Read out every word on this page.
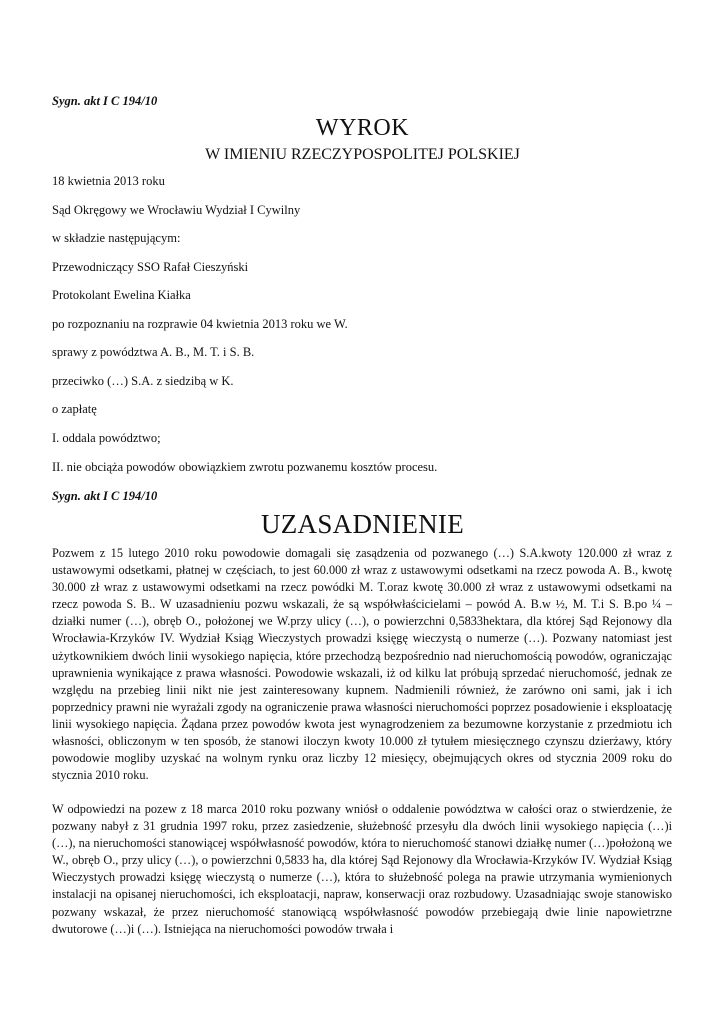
Sygn. akt I C 194/10
WYROK
W IMIENIU RZECZYPOSPOLITEJ POLSKIEJ
18 kwietnia 2013 roku
Sąd Okręgowy we Wrocławiu Wydział I Cywilny
w składzie następującym:
Przewodniczący SSO Rafał Cieszyński
Protokolant Ewelina Kiałka
po rozpoznaniu na rozprawie 04 kwietnia 2013 roku we W.
sprawy z powództwa A. B., M. T. i S. B.
przeciwko (…) S.A. z siedzibą w K.
o zapłatę
I. oddala powództwo;
II. nie obciąża powodów obowiązkiem zwrotu pozwanemu kosztów procesu.
Sygn. akt I C 194/10
UZASADNIENIE
Pozwem z 15 lutego 2010 roku powodowie domagali się zasądzenia od pozwanego (…) S.A.kwoty 120.000 zł wraz z ustawowymi odsetkami, płatnej w częściach, to jest 60.000 zł wraz z ustawowymi odsetkami na rzecz powoda A. B., kwotę 30.000 zł wraz z ustawowymi odsetkami na rzecz powódki M. T.oraz kwotę 30.000 zł wraz z ustawowymi odsetkami na rzecz powoda S. B.. W uzasadnieniu pozwu wskazali, że są współwłaścicielami – powód A. B.w ½, M. T.i S. B.po ¼ – działki numer (…), obręb O., położonej we W.przy ulicy (…), o powierzchni 0,5833hektara, dla której Sąd Rejonowy dla Wrocławia-Krzyków IV. Wydział Ksiąg Wieczystych prowadzi księgę wieczystą o numerze (…). Pozwany natomiast jest użytkownikiem dwóch linii wysokiego napięcia, które przechodzą bezpośrednio nad nieruchomością powodów, ograniczając uprawnienia wynikające z prawa własności. Powodowie wskazali, iż od kilku lat próbują sprzedać nieruchomość, jednak ze względu na przebieg linii nikt nie jest zainteresowany kupnem. Nadmienili również, że zarówno oni sami, jak i ich poprzednicy prawni nie wyrażali zgody na ograniczenie prawa własności nieruchomości poprzez posadowienie i eksploatację linii wysokiego napięcia. Żądana przez powodów kwota jest wynagrodzeniem za bezumowne korzystanie z przedmiotu ich własności, obliczonym w ten sposób, że stanowi iloczyn kwoty 10.000 zł tytułem miesięcznego czynszu dzierżawy, który powodowie mogliby uzyskać na wolnym rynku oraz liczby 12 miesięcy, obejmujących okres od stycznia 2009 roku do stycznia 2010 roku.
W odpowiedzi na pozew z 18 marca 2010 roku pozwany wniósł o oddalenie powództwa w całości oraz o stwierdzenie, że pozwany nabył z 31 grudnia 1997 roku, przez zasiedzenie, służebność przesyłu dla dwóch linii wysokiego napięcia (…)i (…), na nieruchomości stanowiącej współwłasność powodów, która to nieruchomość stanowi działkę numer (…)położoną we W., obręb O., przy ulicy (…), o powierzchni 0,5833 ha, dla której Sąd Rejonowy dla Wrocławia-Krzyków IV. Wydział Ksiąg Wieczystych prowadzi księgę wieczystą o numerze (…), która to służebność polega na prawie utrzymania wymienionych instalacji na opisanej nieruchomości, ich eksploatacji, napraw, konserwacji oraz rozbudowy. Uzasadniając swoje stanowisko pozwany wskazał, że przez nieruchomość stanowiącą współwłasność powodów przebiegają dwie linie napowietrzne dwutorowe (…)i (…). Istniejąca na nieruchomości powodów trwała i
